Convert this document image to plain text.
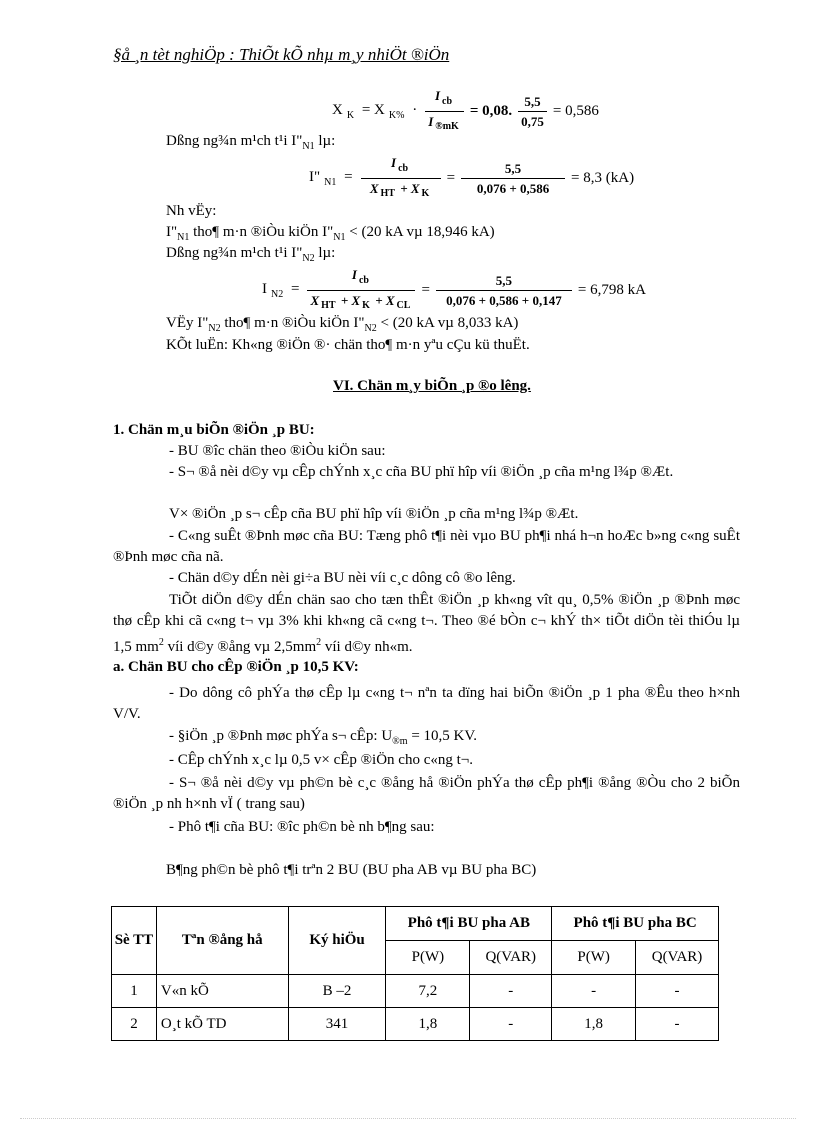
§å ¸n tèt nghiÖp : ThiÕt kÕ nhµ m¸y nhiÖt ®iÖn
X $_K$ = X $_{K\%} \cdot \frac{I _{cb}}{I _{®mK}} = 0,08$. $\frac{5,5}{0,75} = 0,586$
Dßng ng¾n m¹ch t¹i $I"_{N1}$ lµ:
I" $_{N1} = \frac{I _{cb}}{X _{HT} + X _K} = \frac{5,5}{0,076 + 0,586} = 8,3$ (kA)
Nh vËy:
$I"_{N1}$ tho¶ m·n ®iÒu kiÖn $I"_{N1} < (20$ kA vµ 18,946 kA)
Dßng ng¾n m¹ch t¹i $I"_{N2}$ lµ:
I $_{N2} = \frac{I _{cb}}{X _{HT} + X _K + X _{CL}} = \frac{5,5}{0,076 + 0,586 + 0,147} = 6,798$ kA
VËy $I"_{N2}$ tho¶ m·n ®iÒu kiÖn $I"_{N2} < (20$ kA vµ 8,033 kA)
KÕt luËn: Kh«ng ®iÖn ®· chän tho¶ m·n yªu cÇu kü thuËt.
VI. Chän m¸y biÕn ¸p ®o lêng.
1. Chän m¸u biÕn ®iÖn ¸p BU:
- BU ®îc chän theo ®iÒu kiÖn sau:
- S¬ ®å nèi d©y vµ cÊp chÝnh x¸c cña BU phï hîp víi ®iÖn ¸p cña m¹ng l¾p ®Æt.
V× ®iÖn ¸p s¬ cÊp cña BU phï hîp víi ®iÖn ¸p cña m¹ng l¾p ®Æt.
- C«ng suÊt ®Þnh møc cña BU: Tæng phô t¶i nèi vµo BU ph¶i nhá h¬n hoÆc b»ng c«ng suÊt ®Þnh møc cña nã.
- Chän d©y dÉn nèi gi÷a BU nèi víi c¸c dông cô ®o lêng.
TiÕt diÖn d©y dÉn chän sao cho tæn thÊt ®iÖn ¸p kh«ng vît qu¸ 0,5% ®iÖn ¸p ®Þnh møc thø cÊp khi cã c«ng t¬ vµ 3% khi kh«ng cã c«ng t¬. Theo ®é bÒn c¬ khÝ th× tiÕt diÖn tèi thiÓu lµ 1,5 $mm^2$ víi d©y ®ång vµ $2,5mm^2$ víi d©y nh«m.
a. Chän BU cho cÊp ®iÖn ¸p 10,5 KV:
- Do dông cô phÝa thø cÊp lµ c«ng t¬ nªn ta dïng hai biÕn ®iÖn ¸p 1 pha ®Êu theo h×nh V/V.
- §iÖn ¸p ®Þnh møc phÝa s¬ cÊp: $U_{®m} = 10,5$ KV.
- CÊp chÝnh x¸c lµ 0,5 v× cÊp ®iÖn cho c«ng t¬.
- S¬ ®å nèi d©y vµ ph©n bè c¸c ®ång hå ®iÖn phÝa thø cÊp ph¶i ®ång ®Òu cho 2 biÕn ®iÖn ¸p nh h×nh vÏ ( trang sau)
- Phô t¶i cña BU: ®îc ph©n bè nh b¶ng sau:
B¶ng ph©n bè phô t¶i trªn 2 BU (BU pha AB vµ BU pha BC)
Sè TT	Tªn ®ång hå	Ký hiÖu	Phô t¶i BU pha AB		Phô t¶i BU pha BC	
			P(W)	Q(VAR)	P(W)	Q(VAR)
1	V«n kÕ	B –2	7,2	-	-	-
2	O¸t kÕ TD	341	1,8	-	1,8	-
